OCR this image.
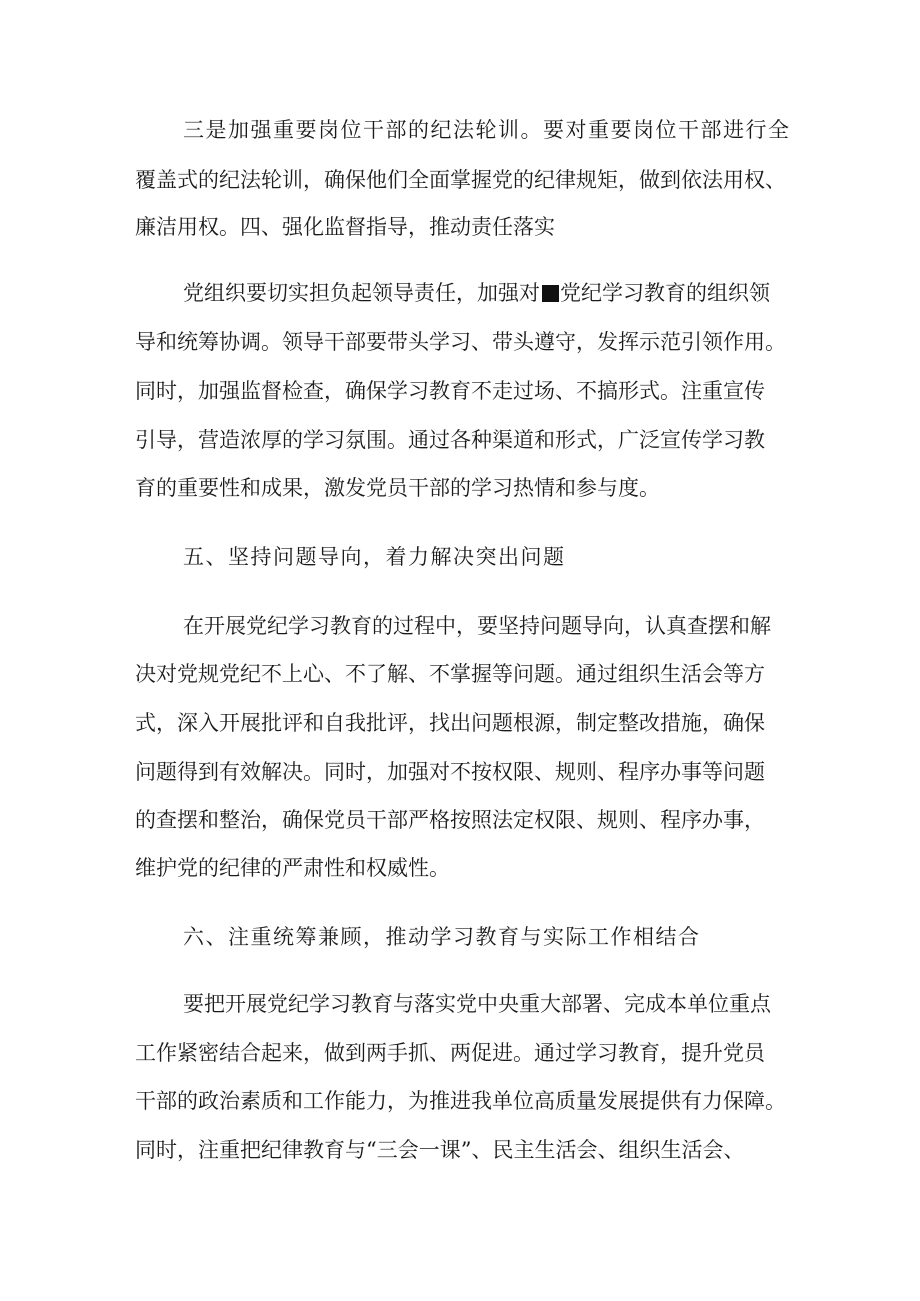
三是加强重要岗位干部的纪法轮训。要对重要岗位干部进行全

覆盖式的纪法轮训，确保他们全面掌握党的纪律规矩，做到依法用权、

廉洁用权。四、强化监督指导，推动责任落实

党组织要切实担负起领导责任，加强对 党纪学习教育的组织领

导和统筹协调。领导干部要带头学习、带头遵守，发挥示范引领作用。

同时，加强监督检查，确保学习教育不走过场、不搞形式。注重宣传

引导，营造浓厚的学习氛围。通过各种渠道和形式，广泛宣传学习教

育的重要性和成果，激发党员干部的学习热情和参与度。

五、坚持问题导向，着力解决突出问题

在开展党纪学习教育的过程中，要坚持问题导向，认真查摆和解

决对党规党纪不上心、不了解、不掌握等问题。通过组织生活会等方

式，深入开展批评和自我批评，找出问题根源，制定整改措施，确保

问题得到有效解决。同时，加强对不按权限、规则、程序办事等问题

的查摆和整治，确保党员干部严格按照法定权限、规则、程序办事，

维护党的纪律的严肃性和权威性。

六、注重统筹兼顾，推动学习教育与实际工作相结合

要把开展党纪学习教育与落实党中央重大部署、完成本单位重点

工作紧密结合起来，做到两手抓、两促进。通过学习教育，提升党员

干部的政治素质和工作能力，为推进我单位高质量发展提供有力保障。

同时，注重把纪律教育与“三会一课”、民主生活会、组织生活会、
